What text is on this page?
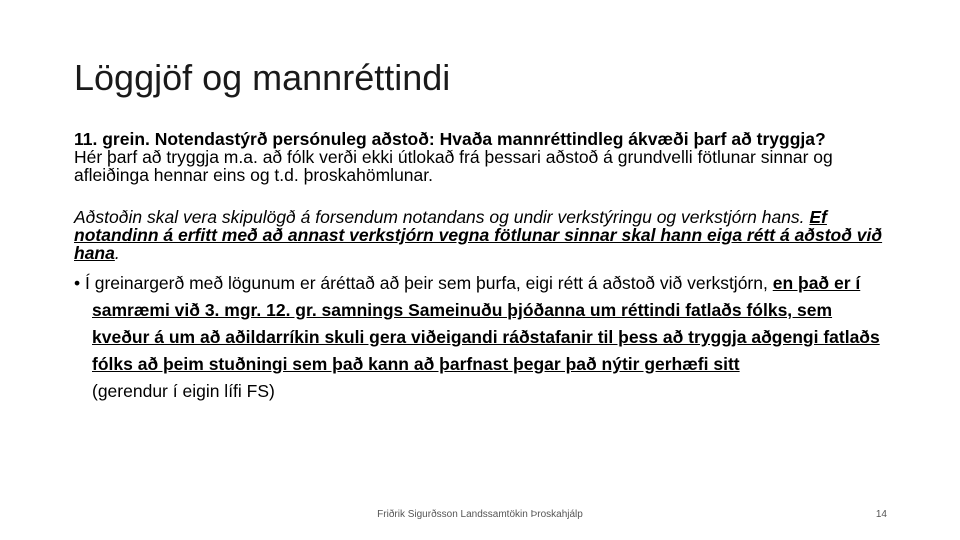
Löggjöf og mannréttindi

11. grein. Notendastýrð persónuleg aðstoð: Hvaða mannréttindleg ákvæði þarf að tryggja?

Hér þarf að tryggja m.a. að fólk verði ekki útlokað frá þessari aðstoð á grundvelli fötlunar sinnar og afleiðinga hennar eins og t.d. þroskahömlunar.

Aðstoðin skal vera skipulögð á forsendum notandans og undir verkstýringu og verkstjórn hans. Ef notandinn á erfitt með að annast verkstjórn vegna fötlunar sinnar skal hann eiga rétt á aðstoð við hana.

• Í greinargerð með lögunum er áréttað að þeir sem þurfa, eigi rétt á aðstoð við verkstjórn, en það er í samræmi við 3. mgr. 12. gr. samnings Sameinuðu þjóðanna um réttindi fatlaðs fólks, sem kveður á um að aðildarríkin skuli gera viðeigandi ráðstafanir til þess að tryggja aðgengi fatlaðs fólks að þeim stuðningi sem það kann að þarfnast þegar það nýtir gerhæfi sitt (gerendur í eigin lífi FS)

Friðrik Sigurðsson Landssamtökin Þroskahjálp	14
